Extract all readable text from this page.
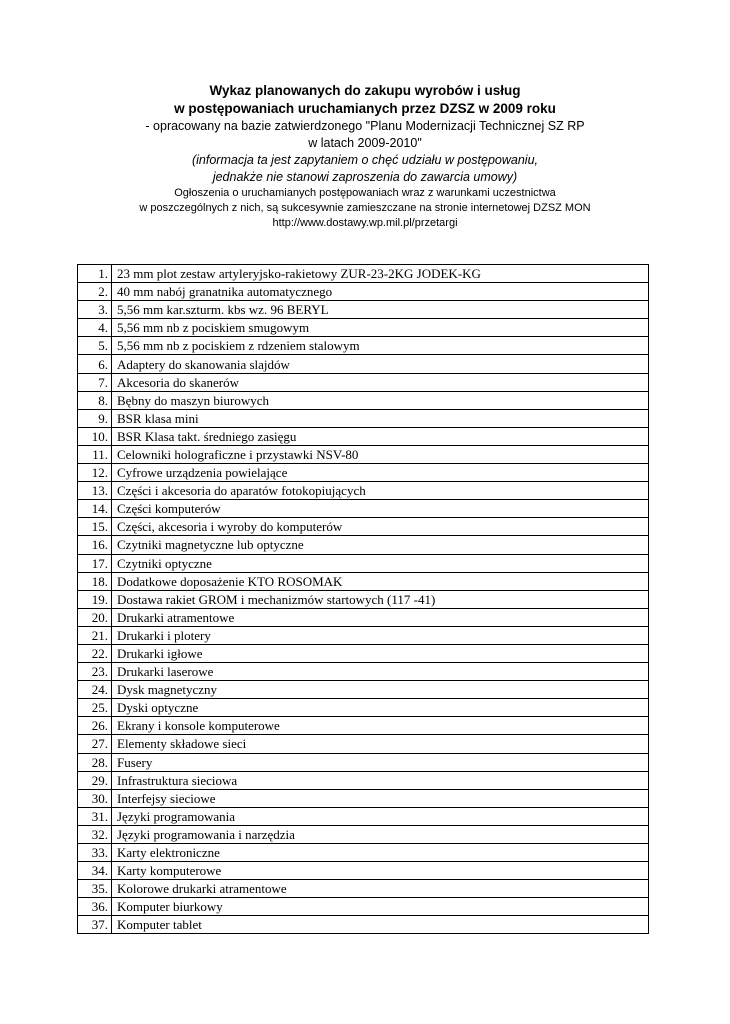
Wykaz planowanych do zakupu wyrobów i usług
w postępowaniach uruchamianych przez DZSZ w 2009 roku
- opracowany na bazie zatwierdzonego "Planu Modernizacji Technicznej SZ RP
w latach 2009-2010"
(informacja ta jest zapytaniem o chęć udziału w postępowaniu,
jednakże nie stanowi zaproszenia do zawarcia umowy)
Ogłoszenia o uruchamianych postępowaniach wraz z warunkami uczestnictwa
w poszczególnych z nich, są sukcesywnie zamieszczane na stronie internetowej DZSZ MON
http://www.dostawy.wp.mil.pl/przetargi
1.	23 mm plot zestaw artyleryjsko-rakietowy ZUR-23-2KG JODEK-KG
2.	40 mm nabój granatnika automatycznego
3.	5,56 mm kar.szturm. kbs wz. 96 BERYL
4.	5,56 mm nb z pociskiem smugowym
5.	5,56 mm nb z pociskiem z rdzeniem stalowym
6.	Adaptery do skanowania slajdów
7.	Akcesoria do skanerów
8.	Bębny do maszyn biurowych
9.	BSR klasa mini
10.	BSR Klasa takt. średniego zasięgu
11.	Celowniki holograficzne i przystawki NSV-80
12.	Cyfrowe urządzenia powielające
13.	Części i akcesoria do aparatów fotokopiujących
14.	Części komputerów
15.	Części, akcesoria i wyroby do komputerów
16.	Czytniki magnetyczne lub optyczne
17.	Czytniki optyczne
18.	Dodatkowe doposażenie KTO ROSOMAK
19.	Dostawa rakiet GROM i mechanizmów startowych (117 -41)
20.	Drukarki atramentowe
21.	Drukarki i plotery
22.	Drukarki igłowe
23.	Drukarki laserowe
24.	Dysk magnetyczny
25.	Dyski optyczne
26.	Ekrany i konsole komputerowe
27.	Elementy składowe sieci
28.	Fusery
29.	Infrastruktura sieciowa
30.	Interfejsy sieciowe
31.	Języki programowania
32.	Języki programowania i narzędzia
33.	Karty elektroniczne
34.	Karty komputerowe
35.	Kolorowe drukarki atramentowe
36.	Komputer biurkowy
37.	Komputer tablet
